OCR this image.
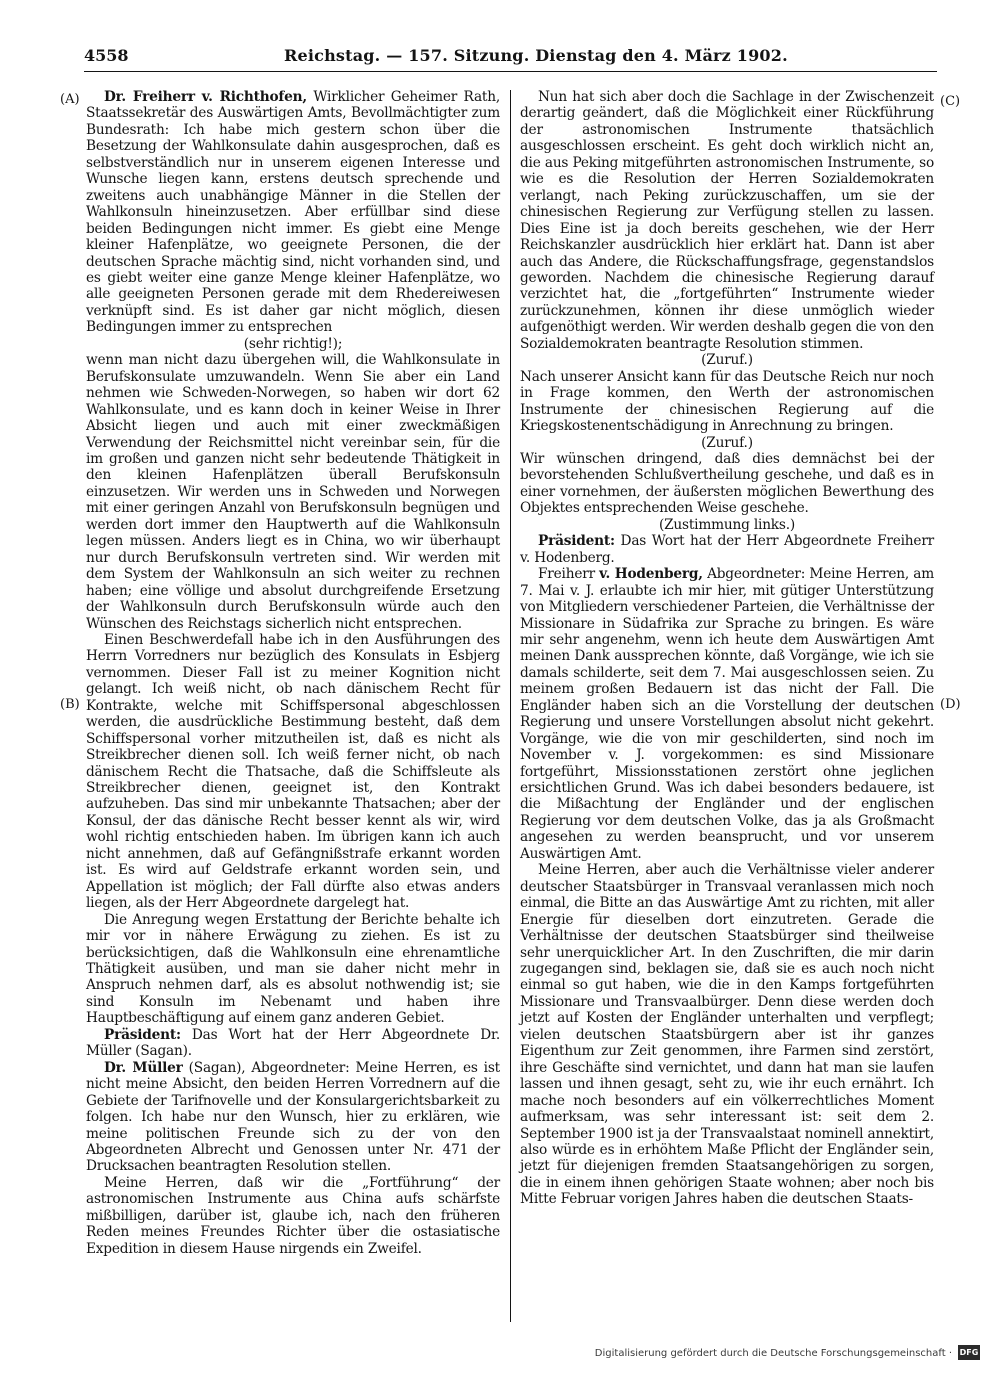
4558	Reichstag. — 157. Sitzung. Dienstag den 4. März 1902.
(A)
(B)
(C)
(D)

Dr. Freiherr v. Richthofen, Wirklicher Geheimer Rath, Staatssekretär des Auswärtigen Amts, Bevollmächtigter zum Bundesrath: Ich habe mich gestern schon über die Besetzung der Wahlkonsulate dahin ausgesprochen, daß es selbstverständlich nur in unserem eigenen Interesse und Wunsche liegen kann, erstens deutsch sprechende und zweitens auch unabhängige Männer in die Stellen der Wahlkonsuln hineinzusetzen. Aber erfüllbar sind diese beiden Bedingungen nicht immer. Es giebt eine Menge kleiner Hafenplätze, wo geeignete Personen, die der deutschen Sprache mächtig sind, nicht vorhanden sind, und es giebt weiter eine ganze Menge kleiner Hafenplätze, wo alle geeigneten Personen gerade mit dem Rhedereiwesen verknüpft sind. Es ist daher gar nicht möglich, diesen Bedingungen immer zu entsprechen

(sehr richtig!);

wenn man nicht dazu übergehen will, die Wahlkonsulate in Berufskonsulate umzuwandeln. Wenn Sie aber ein Land nehmen wie Schweden-Norwegen, so haben wir dort 62 Wahlkonsulate, und es kann doch in keiner Weise in Ihrer Absicht liegen und auch mit einer zweckmäßigen Verwendung der Reichsmittel nicht vereinbar sein, für die im großen und ganzen nicht sehr bedeutende Thätigkeit in den kleinen Hafenplätzen überall Berufskonsuln einzusetzen. Wir werden uns in Schweden und Norwegen mit einer geringen Anzahl von Berufskonsuln begnügen und werden dort immer den Hauptwerth auf die Wahlkonsuln legen müssen. Anders liegt es in China, wo wir überhaupt nur durch Berufskonsuln vertreten sind. Wir werden mit dem System der Wahlkonsuln an sich weiter zu rechnen haben; eine völlige und absolut durchgreifende Ersetzung der Wahlkonsuln durch Berufskonsuln würde auch den Wünschen des Reichstags sicherlich nicht entsprechen.

Einen Beschwerdefall habe ich in den Ausführungen des Herrn Vorredners nur bezüglich des Konsulats in Esbjerg vernommen. Dieser Fall ist zu meiner Kognition nicht gelangt. Ich weiß nicht, ob nach dänischem Recht für Kontrakte, welche mit Schiffspersonal abgeschlossen werden, die ausdrückliche Bestimmung besteht, daß dem Schiffspersonal vorher mitzutheilen ist, daß es nicht als Streikbrecher dienen soll. Ich weiß ferner nicht, ob nach dänischem Recht die Thatsache, daß die Schiffsleute als Streikbrecher dienen, geeignet ist, den Kontrakt aufzuheben. Das sind mir unbekannte Thatsachen; aber der Konsul, der das dänische Recht besser kennt als wir, wird wohl richtig entschieden haben. Im übrigen kann ich auch nicht annehmen, daß auf Gefängnißstrafe erkannt worden ist. Es wird auf Geldstrafe erkannt worden sein, und Appellation ist möglich; der Fall dürfte also etwas anders liegen, als der Herr Abgeordnete dargelegt hat.

Die Anregung wegen Erstattung der Berichte behalte ich mir vor in nähere Erwägung zu ziehen. Es ist zu berücksichtigen, daß die Wahlkonsuln eine ehrenamtliche Thätigkeit ausüben, und man sie daher nicht mehr in Anspruch nehmen darf, als es absolut nothwendig ist; sie sind Konsuln im Nebenamt und haben ihre Hauptbeschäftigung auf einem ganz anderen Gebiet.

Präsident: Das Wort hat der Herr Abgeordnete Dr. Müller (Sagan).

Dr. Müller (Sagan), Abgeordneter: Meine Herren, es ist nicht meine Absicht, den beiden Herren Vorrednern auf die Gebiete der Tarifnovelle und der Konsulargerichtsbarkeit zu folgen. Ich habe nur den Wunsch, hier zu erklären, wie meine politischen Freunde sich zu der von den Abgeordneten Albrecht und Genossen unter Nr. 471 der Drucksachen beantragten Resolution stellen.

Meine Herren, daß wir die „Fortführung“ der astronomischen Instrumente aus China aufs schärfste mißbilligen, darüber ist, glaube ich, nach den früheren Reden meines Freundes Richter über die ostasiatische Expedition in diesem Hause nirgends ein Zweifel.

Nun hat sich aber doch die Sachlage in der Zwischenzeit derartig geändert, daß die Möglichkeit einer Rückführung der astronomischen Instrumente thatsächlich ausgeschlossen erscheint. Es geht doch wirklich nicht an, die aus Peking mitgeführten astronomischen Instrumente, so wie es die Resolution der Herren Sozialdemokraten verlangt, nach Peking zurückzuschaffen, um sie der chinesischen Regierung zur Verfügung stellen zu lassen. Dies Eine ist ja doch bereits geschehen, wie der Herr Reichskanzler ausdrücklich hier erklärt hat. Dann ist aber auch das Andere, die Rückschaffungsfrage, gegenstandslos geworden. Nachdem die chinesische Regierung darauf verzichtet hat, die „fortgeführten“ Instrumente wieder zurückzunehmen, können ihr diese unmöglich wieder aufgenöthigt werden. Wir werden deshalb gegen die von den Sozialdemokraten beantragte Resolution stimmen.

(Zuruf.)

Nach unserer Ansicht kann für das Deutsche Reich nur noch in Frage kommen, den Werth der astronomischen Instrumente der chinesischen Regierung auf die Kriegskostenentschädigung in Anrechnung zu bringen.

(Zuruf.)

Wir wünschen dringend, daß dies demnächst bei der bevorstehenden Schlußvertheilung geschehe, und daß es in einer vornehmen, der äußersten möglichen Bewerthung des Objektes entsprechenden Weise geschehe.

(Zustimmung links.)

Präsident: Das Wort hat der Herr Abgeordnete Freiherr v. Hodenberg.

Freiherr v. Hodenberg, Abgeordneter: Meine Herren, am 7. Mai v. J. erlaubte ich mir hier, mit gütiger Unterstützung von Mitgliedern verschiedener Parteien, die Verhältnisse der Missionare in Südafrika zur Sprache zu bringen. Es wäre mir sehr angenehm, wenn ich heute dem Auswärtigen Amt meinen Dank aussprechen könnte, daß Vorgänge, wie ich sie damals schilderte, seit dem 7. Mai ausgeschlossen seien. Zu meinem großen Bedauern ist das nicht der Fall. Die Engländer haben sich an die Vorstellung der deutschen Regierung und unsere Vorstellungen absolut nicht gekehrt. Vorgänge, wie die von mir geschilderten, sind noch im November v. J. vorgekommen: es sind Missionare fortgeführt, Missionsstationen zerstört ohne jeglichen ersichtlichen Grund. Was ich dabei besonders bedauere, ist die Mißachtung der Engländer und der englischen Regierung vor dem deutschen Volke, das ja als Großmacht angesehen zu werden beansprucht, und vor unserem Auswärtigen Amt.

Meine Herren, aber auch die Verhältnisse vieler anderer deutscher Staatsbürger in Transvaal veranlassen mich noch einmal, die Bitte an das Auswärtige Amt zu richten, mit aller Energie für dieselben dort einzutreten. Gerade die Verhältnisse der deutschen Staatsbürger sind theilweise sehr unerquicklicher Art. In den Zuschriften, die mir darin zugegangen sind, beklagen sie, daß sie es auch noch nicht einmal so gut haben, wie die in den Kamps fortgeführten Missionare und Transvaalbürger. Denn diese werden doch jetzt auf Kosten der Engländer unterhalten und verpflegt; vielen deutschen Staatsbürgern aber ist ihr ganzes Eigenthum zur Zeit genommen, ihre Farmen sind zerstört, ihre Geschäfte sind vernichtet, und dann hat man sie laufen lassen und ihnen gesagt, seht zu, wie ihr euch ernährt. Ich mache noch besonders auf ein völkerrechtliches Moment aufmerksam, was sehr interessant ist: seit dem 2. September 1900 ist ja der Transvaalstaat nominell annektirt, also würde es in erhöhtem Maße Pflicht der Engländer sein, jetzt für diejenigen fremden Staatsangehörigen zu sorgen, die in einem ihnen gehörigen Staate wohnen; aber noch bis Mitte Februar vorigen Jahres haben die deutschen Staats-

Digitalisierung gefördert durch die Deutsche Forschungsgemeinschaft · DFG
